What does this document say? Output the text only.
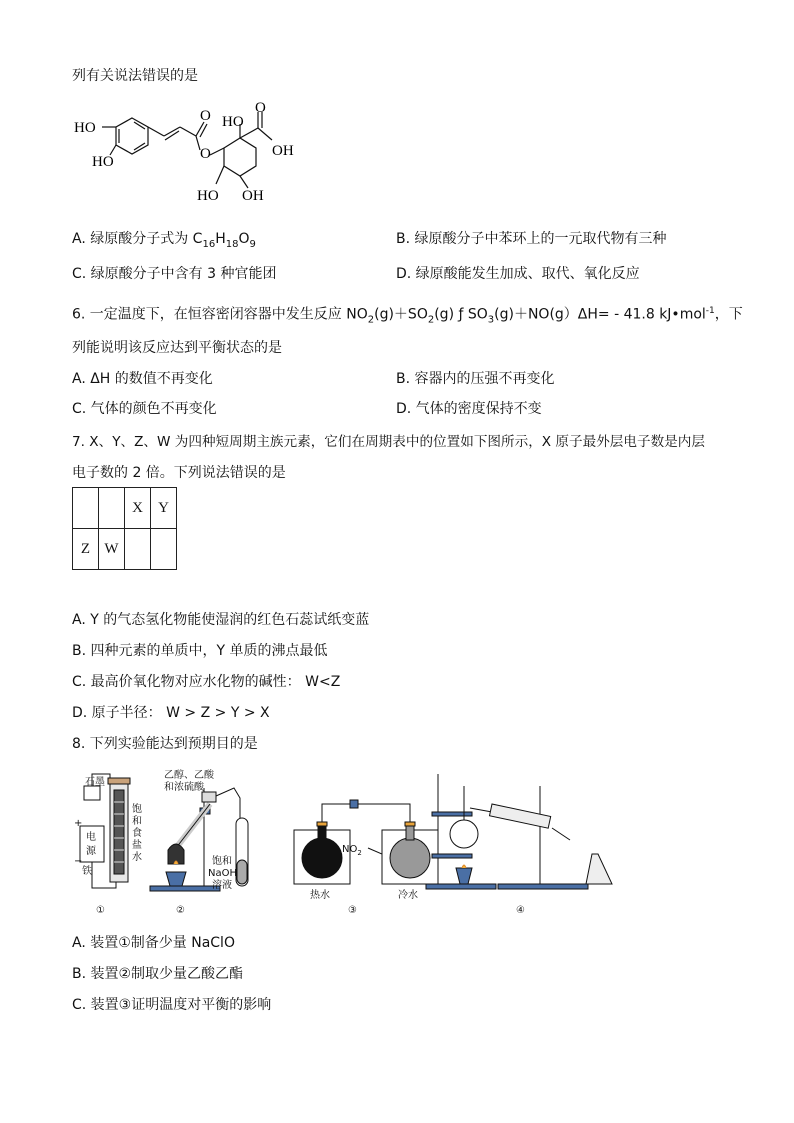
列有关说法错误的是
HO
HO	O
O HO
O
OH
HO OH
A. 绿原酸分子式为 $C_{16}H_{18}O_9$	B. 绿原酸分子中苯环上的一元取代物有三种
C. 绿原酸分子中含有 3 种官能团	D. 绿原酸能发生加成、取代、氧化反应
6. 一定温度下，在恒容密闭容器中发生反应 $NO_2(g)+SO_2(g)$ ƒ $SO_3(g)+NO(g)\Delta H= - 41.8$ kJ•mol$^{-1}$，下
列能说明该反应达到平衡状态的是
A. ΔH 的数值不再变化	B. 容器内的压强不再变化
C. 气体的颜色不再变化	D. 气体的密度保持不变
7. X、Y、Z、W 为四种短周期主族元素，它们在周期表中的位置如下图所示，X 原子最外层电子数是内层
电子数的 2 倍。下列说法错误的是
		X	Y
Z	W		
A. Y 的气态氢化物能使湿润的红色石蕊试纸变蓝
B. 四种元素的单质中，Y 单质的沸点最低
C. 最高价氧化物对应水化物的碱性： W<Z
D. 原子半径： W > Z > Y > X
8. 下列实验能达到预期目的是
石墨
+
−
电
源
铁
饱
和
食
盐
水
①
乙醇、乙酸
和浓硫酸
饱和
NaOH
溶液
②
$NO_2$
热水	冷水
③	④
A. 装置①制备少量 NaClO
B. 装置②制取少量乙酸乙酯
C. 装置③证明温度对平衡的影响
